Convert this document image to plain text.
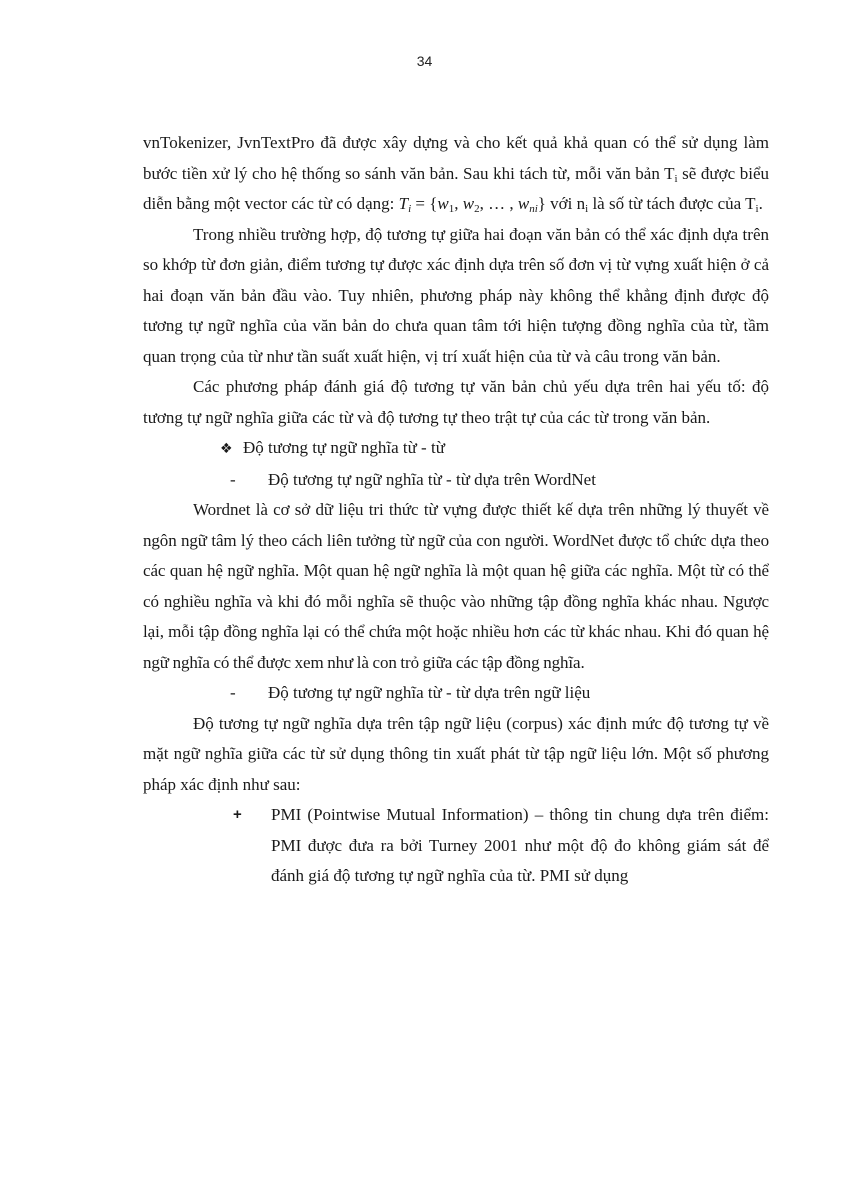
34

vnTokenizer, JvnTextPro đã được xây dựng và cho kết quả khả quan có thể sử dụng làm bước tiền xử lý cho hệ thống so sánh văn bản. Sau khi tách từ, mỗi văn bản $T_i$ sẽ được biểu diễn bằng một vector các từ có dạng: $T_i = \{w_1$, $w_2$, … , $w_{ni}$} với $n_i$ là số từ tách được của $T_i$.

Trong nhiều trường hợp, độ tương tự giữa hai đoạn văn bản có thể xác định dựa trên so khớp từ đơn giản, điểm tương tự được xác định dựa trên số đơn vị từ vựng xuất hiện ở cả hai đoạn văn bản đầu vào. Tuy nhiên, phương pháp này không thể khẳng định được độ tương tự ngữ nghĩa của văn bản do chưa quan tâm tới hiện tượng đồng nghĩa của từ, tầm quan trọng của từ như tần suất xuất hiện, vị trí xuất hiện của từ và câu trong văn bản.

Các phương pháp đánh giá độ tương tự văn bản chủ yếu dựa trên hai yếu tố: độ tương tự ngữ nghĩa giữa các từ và độ tương tự theo trật tự của các từ trong văn bản.

❖ Độ tương tự ngữ nghĩa từ - từ

- Độ tương tự ngữ nghĩa từ - từ dựa trên WordNet

Wordnet là cơ sở dữ liệu tri thức từ vựng được thiết kế dựa trên những lý thuyết về ngôn ngữ tâm lý theo cách liên tưởng từ ngữ của con người. WordNet được tổ chức dựa theo các quan hệ ngữ nghĩa. Một quan hệ ngữ nghĩa là một quan hệ giữa các nghĩa. Một từ có thể có nghiều nghĩa và khi đó mỗi nghĩa sẽ thuộc vào những tập đồng nghĩa khác nhau. Ngược lại, mỗi tập đồng nghĩa lại có thể chứa một hoặc nhiều hơn các từ khác nhau. Khi đó quan hệ ngữ nghĩa có thể được xem như là con trỏ giữa các tập đồng nghĩa.

- Độ tương tự ngữ nghĩa từ - từ dựa trên ngữ liệu

Độ tương tự ngữ nghĩa dựa trên tập ngữ liệu (corpus) xác định mức độ tương tự về mặt ngữ nghĩa giữa các từ sử dụng thông tin xuất phát từ tập ngữ liệu lớn. Một số phương pháp xác định như sau:

+ PMI (Pointwise Mutual Information) – thông tin chung dựa trên điểm: PMI được đưa ra bởi Turney 2001 như một độ đo không giám sát để đánh giá độ tương tự ngữ nghĩa của từ. PMI sử dụng
